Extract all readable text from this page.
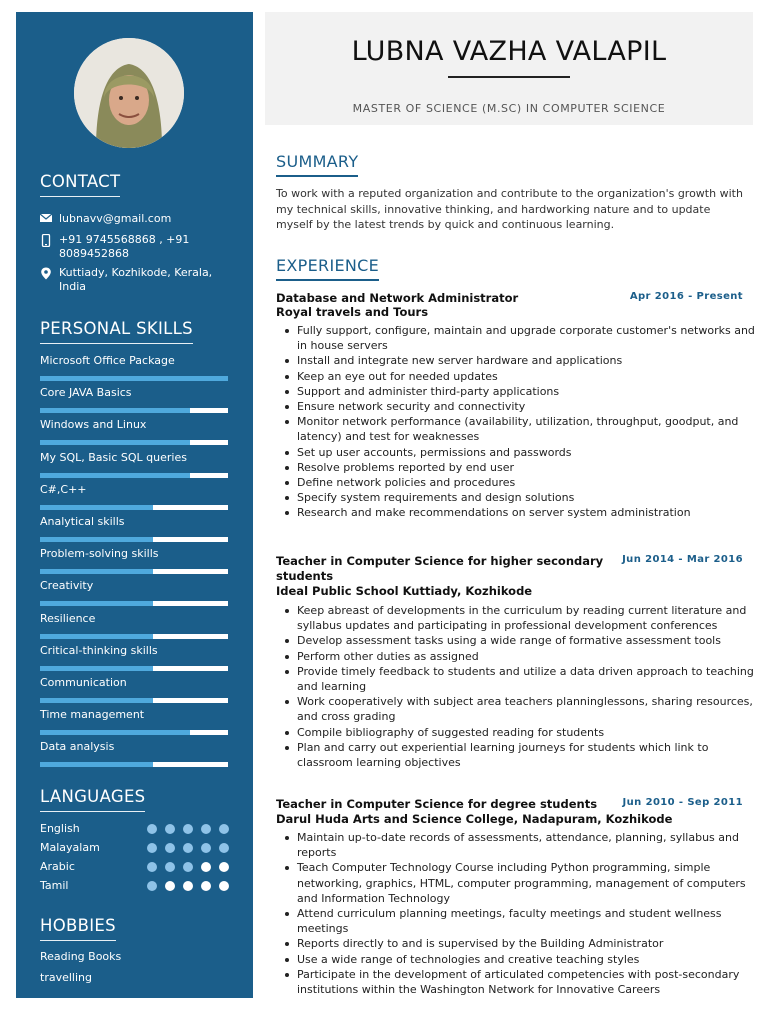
CONTACT
lubnavv@gmail.com
+91 9745568868 , +91
8089452868
Kuttiady, Kozhikode, Kerala,
India
PERSONAL SKILLS
Microsoft Office Package
Core JAVA Basics
Windows and Linux
My SQL, Basic SQL queries
C#,C++
Analytical skills
Problem-solving skills
Creativity
Resilience
Critical-thinking skills
Communication
Time management
Data analysis
LANGUAGES
English
Malayalam
Arabic
Tamil
HOBBIES
Reading Books
travelling
LUBNA VAZHA VALAPIL
MASTER OF SCIENCE (M.SC) IN COMPUTER SCIENCE
SUMMARY
To work with a reputed organization and contribute to the organization's growth with my technical skills, innovative thinking, and hardworking nature and to update myself by the latest trends by quick and continuous learning.
EXPERIENCE
Database and Network Administrator	Apr 2016 - Present
Royal travels and Tours
Fully support, configure, maintain and upgrade corporate customer's networks and in house servers
Install and integrate new server hardware and applications
Keep an eye out for needed updates
Support and administer third-party applications
Ensure network security and connectivity
Monitor network performance (availability, utilization, throughput, goodput, and latency) and test for weaknesses
Set up user accounts, permissions and passwords
Resolve problems reported by end user
Define network policies and procedures
Specify system requirements and design solutions
Research and make recommendations on server system administration
Teacher in Computer Science for higher secondary students
Jun 2014 - Mar 2016
Ideal Public School Kuttiady, Kozhikode
Keep abreast of developments in the curriculum by reading current literature and syllabus updates and participating in professional development conferences
Develop assessment tasks using a wide range of formative assessment tools
Perform other duties as assigned
Provide timely feedback to students and utilize a data driven approach to teaching and learning
Work cooperatively with subject area teachers planninglessons, sharing resources, and cross grading
Compile bibliography of suggested reading for students
Plan and carry out experiential learning journeys for students which link to classroom learning objectives
Teacher in Computer Science for degree students	Jun 2010 - Sep 2011
Darul Huda Arts and Science College, Nadapuram, Kozhikode
Maintain up-to-date records of assessments, attendance, planning, syllabus and reports
Teach Computer Technology Course including Python programming, simple networking, graphics, HTML, computer programming, management of computers and Information Technology
Attend curriculum planning meetings, faculty meetings and student wellness meetings
Reports directly to and is supervised by the Building Administrator
Use a wide range of technologies and creative teaching styles
Participate in the development of articulated competencies with post-secondary institutions within the Washington Network for Innovative Careers
